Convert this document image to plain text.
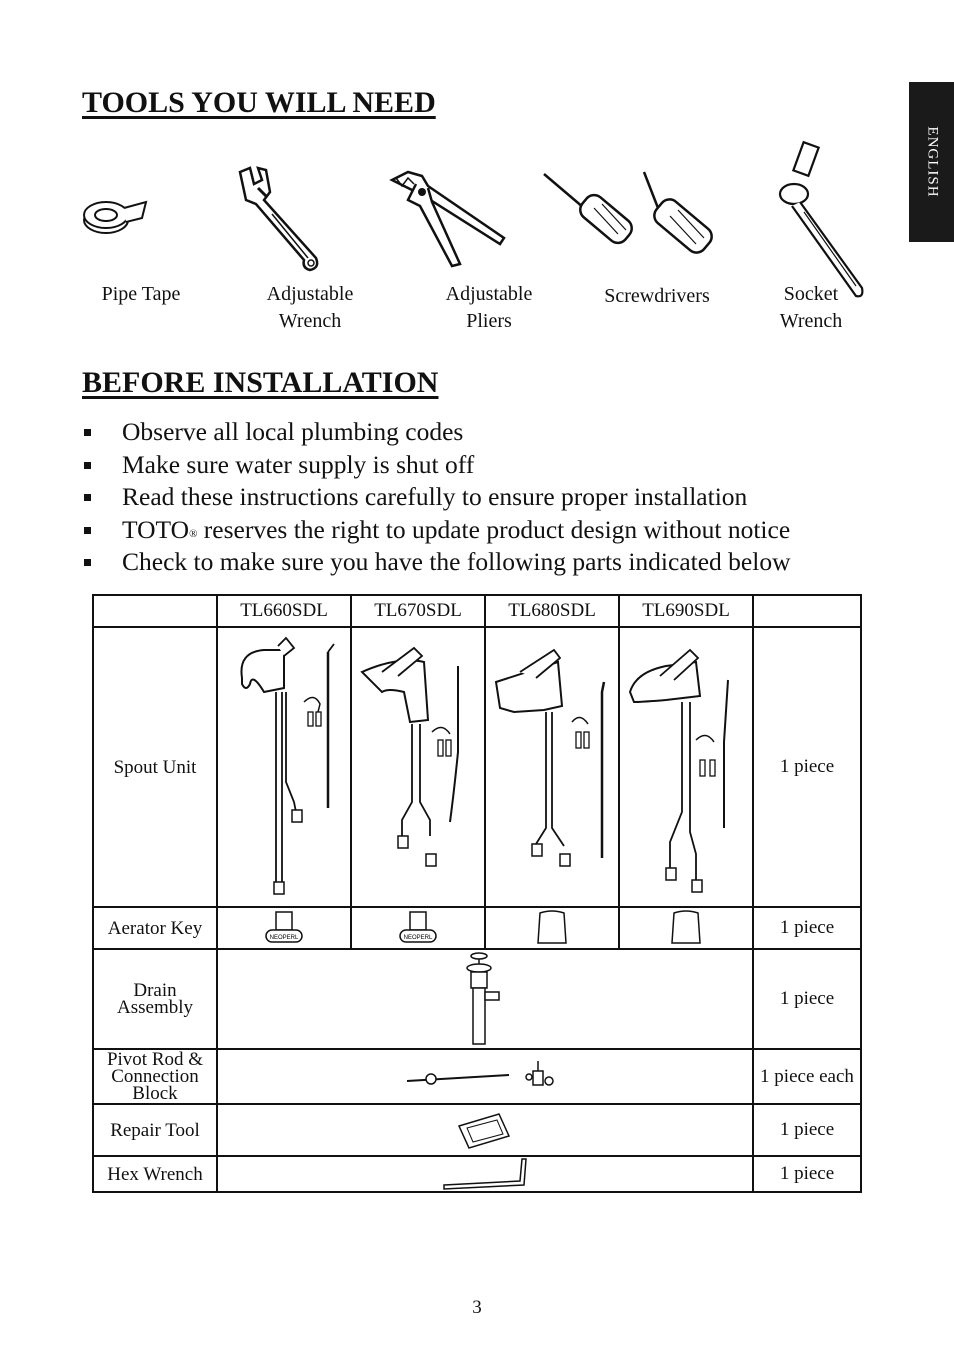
ENGLISH
TOOLS YOU WILL NEED
Pipe Tape	Adjustable
Wrench
Adjustable
Pliers
Screwdrivers	Socket
Wrench
BEFORE INSTALLATION
Observe all local plumbing codes
Make sure water supply is shut off
Read these instructions carefully to ensure proper installation
TOTO® reserves the right to update product design without notice
Check to make sure you have the following parts indicated below
	TL660SDL	TL670SDL	TL680SDL	TL690SDL	
Spout Unit					1 piece
Aerator Key	NEOPERL	NEOPERL			1 piece

Drain
Assembly					1 piece

Pivot Rod &
Connection
Block					1 piece each
Repair Tool					1 piece
Hex Wrench					1 piece
3
